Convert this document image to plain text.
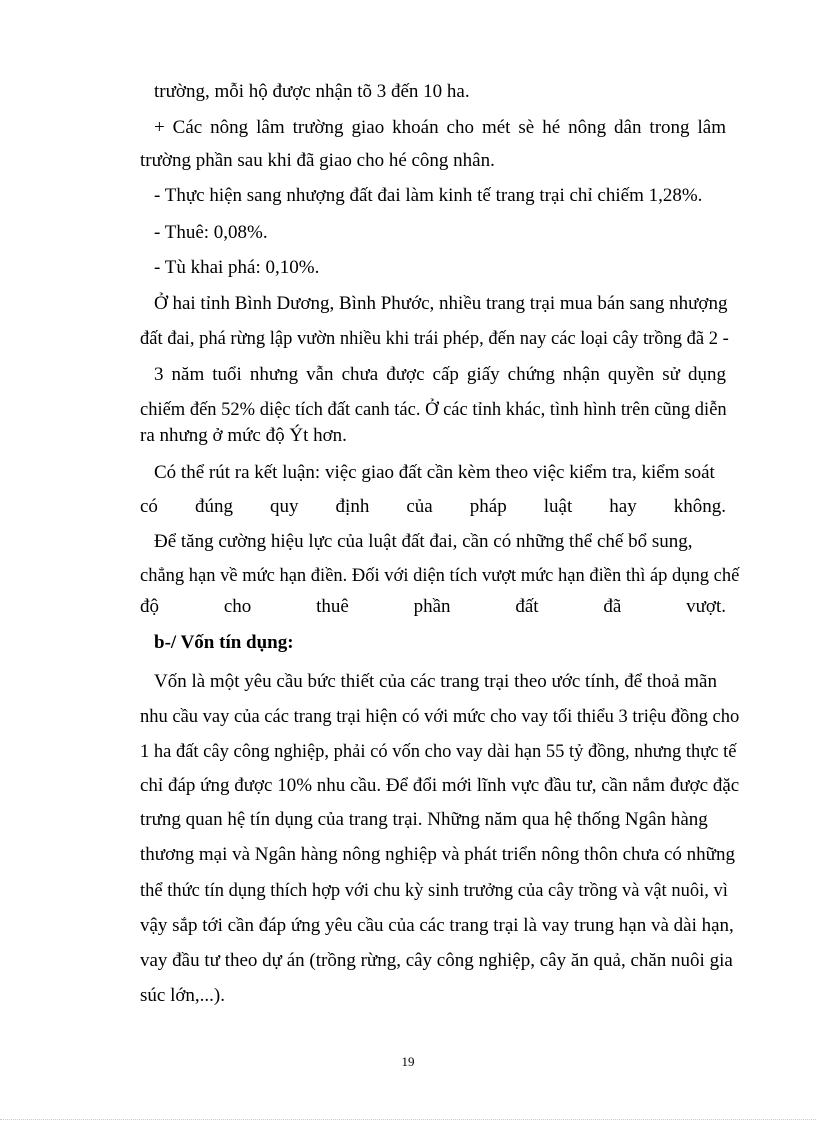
trường, mỗi hộ được nhận tõ 3 đến 10 ha.

+ Các nông lâm trường giao khoán cho mét sè hé nông dân trong lâm

trường phần sau khi đã giao cho hé công nhân.

- Thực hiện sang nhượng đất đai làm kinh tế trang trại chỉ chiếm 1,28%.

- Thuê: 0,08%.

- Tù khai phá: 0,10%.

Ở hai tỉnh Bình Dương, Bình Phước, nhiều trang trại mua bán sang nhượng

đất đai, phá rừng lập vườn nhiều khi trái phép, đến nay các loại cây trồng đã 2 -

3 năm tuổi nhưng vẫn chưa được cấp giấy chứng nhận quyền sử dụng

chiếm đến 52% diệc tích đất canh tác. Ở các tỉnh khác, tình hình trên cũng diễn

ra nhưng ở mức độ Ýt hơn.

Có thể rút ra kết luận: việc giao đất cần kèm theo việc kiểm tra, kiểm soát

có đúng quy định của pháp luật hay không.

Để tăng cường hiệu lực của luật đất đai, cần có những thể chế bổ sung,

chẳng hạn về mức hạn điền. Đối với diện tích vượt mức hạn điền thì áp dụng chế

độ cho thuê phần đất đã vượt.

b-/ Vốn tín dụng:

Vốn là một yêu cầu bức thiết của các trang trại theo ước tính, để thoả mãn

nhu cầu vay của các trang trại hiện có với mức cho vay tối thiểu 3 triệu đồng cho

1 ha đất cây công nghiệp, phải có vốn cho vay dài hạn 55 tỷ đồng, nhưng thực tế

chỉ đáp ứng được 10% nhu cầu. Để đổi mới lĩnh vực đầu tư, cần nắm được đặc

trưng quan hệ tín dụng của trang trại. Những năm qua hệ thống Ngân hàng

thương mại và Ngân hàng nông nghiệp và phát triển nông thôn chưa có những

thể thức tín dụng thích hợp với chu kỳ sinh trưởng của cây trồng và vật nuôi, vì

vậy sắp tới cần đáp ứng yêu cầu của các trang trại là vay trung hạn và dài hạn,

vay đầu tư theo dự án (trồng rừng, cây công nghiệp, cây ăn quả, chăn nuôi gia

súc lớn,...).

19
